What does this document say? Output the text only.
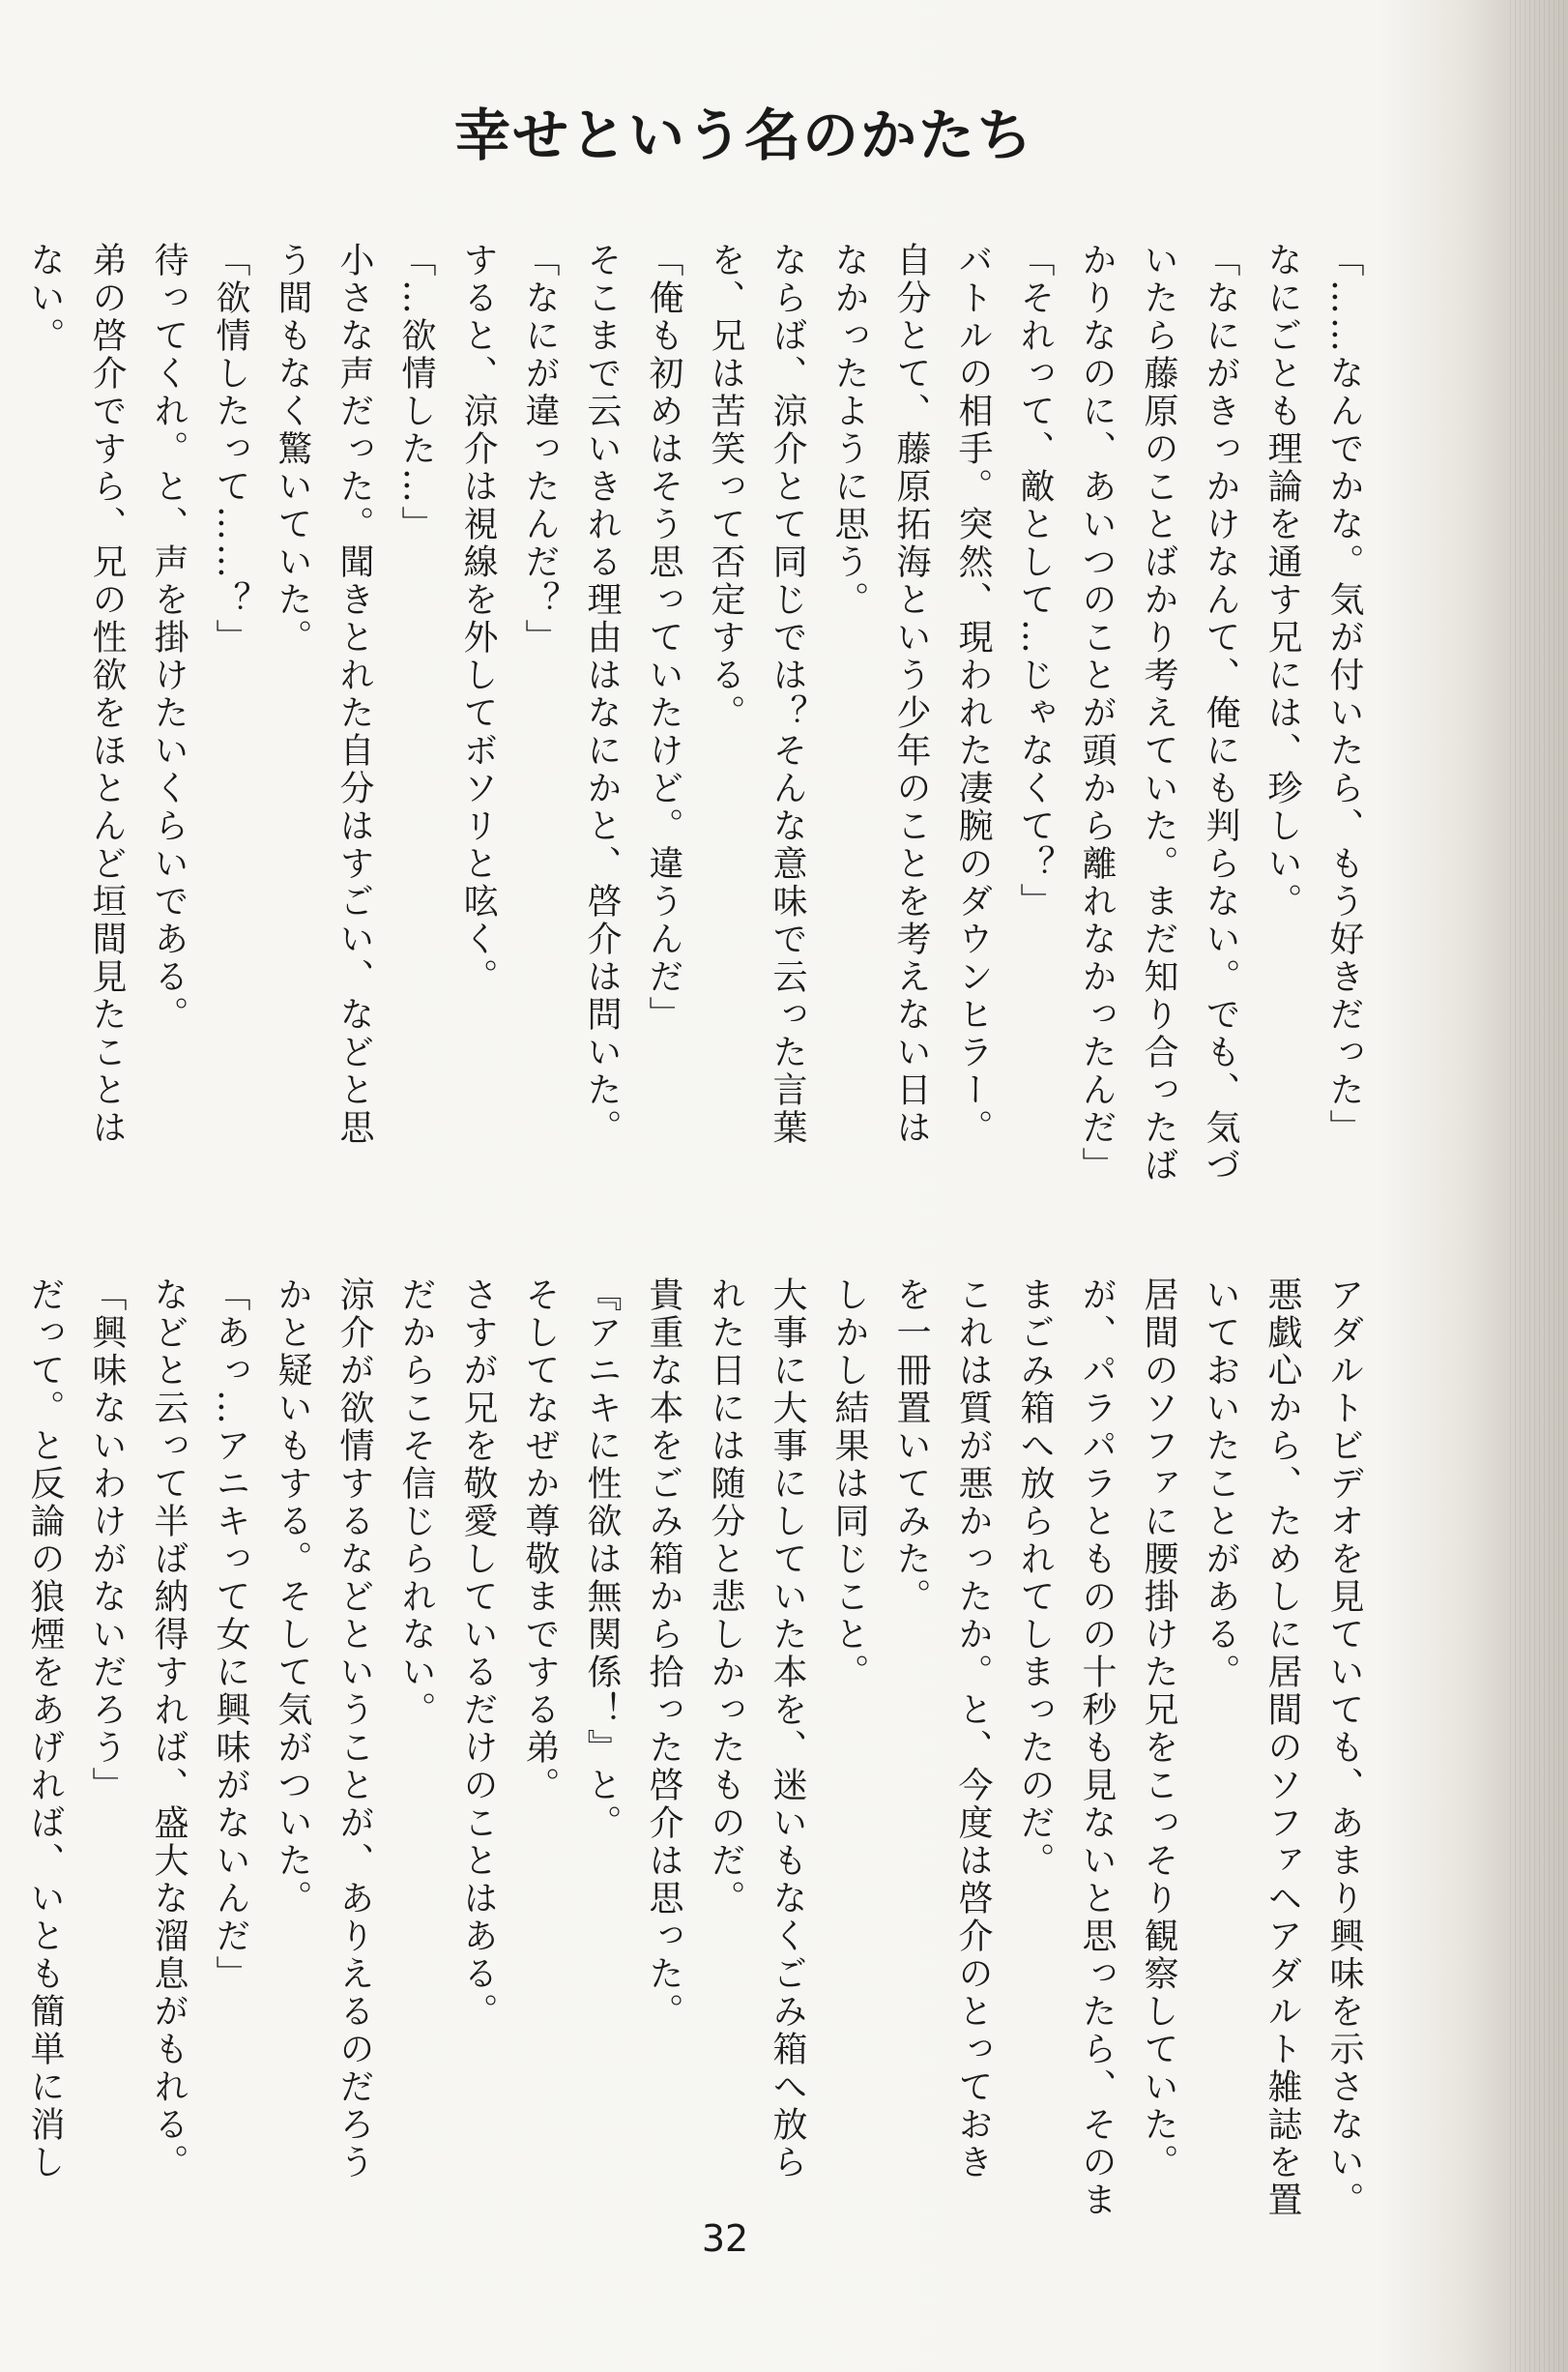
幸せという名のかたち
「……なんでかな。気が付いたら、もう好きだった」
なにごとも理論を通す兄には、珍しい。
「なにがきっかけなんて、俺にも判らない。でも、気づ
いたら藤原のことばかり考えていた。まだ知り合ったば
かりなのに、あいつのことが頭から離れなかったんだ」
「それって、敵として…じゃなくて？」
バトルの相手。突然、現われた凄腕のダウンヒラー。
自分とて、藤原拓海という少年のことを考えない日は
なかったように思う。
ならば、涼介とて同じでは？そんな意味で云った言葉
を、兄は苦笑って否定する。
「俺も初めはそう思っていたけど。違うんだ」
そこまで云いきれる理由はなにかと、啓介は問いた。
「なにが違ったんだ？」
すると、涼介は視線を外してボソリと呟く。
「…欲情した…」
小さな声だった。聞きとれた自分はすごい、などと思
う間もなく驚いていた。
「欲情したって……？」
待ってくれ。と、声を掛けたいくらいである。
弟の啓介ですら、兄の性欲をほとんど垣間見たことは
ない。
アダルトビデオを見ていても、あまり興味を示さない。
悪戯心から、ためしに居間のソファヘアダルト雑誌を置
いておいたことがある。
居間のソファに腰掛けた兄をこっそり観察していた。
が、パラパラとものの十秒も見ないと思ったら、そのま
まごみ箱へ放られてしまったのだ。
これは質が悪かったか。と、今度は啓介のとっておき
を一冊置いてみた。
しかし結果は同じこと。
大事に大事にしていた本を、迷いもなくごみ箱へ放ら
れた日には随分と悲しかったものだ。
貴重な本をごみ箱から拾った啓介は思った。
『アニキに性欲は無関係！』と。
そしてなぜか尊敬までする弟。
さすが兄を敬愛しているだけのことはある。
だからこそ信じられない。
涼介が欲情するなどということが、ありえるのだろう
かと疑いもする。そして気がついた。
「あっ…アニキって女に興味がないんだ」
などと云って半ば納得すれば、盛大な溜息がもれる。
「興味ないわけがないだろう」
だって。と反論の狼煙をあげれば、いとも簡単に消し
32
